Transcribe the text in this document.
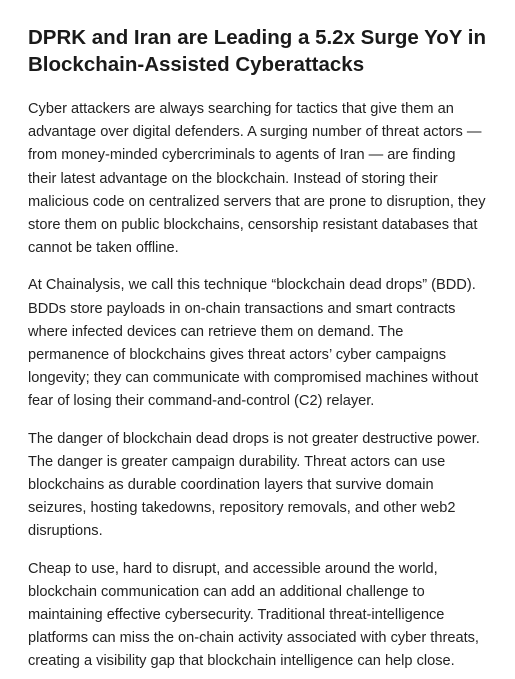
DPRK and Iran are Leading a 5.2x Surge YoY in Blockchain-Assisted Cyberattacks

Cyber attackers are always searching for tactics that give them an advantage over digital defenders. A surging number of threat actors — from money-minded cybercriminals to agents of Iran — are finding their latest advantage on the blockchain. Instead of storing their malicious code on centralized servers that are prone to disruption, they store them on public blockchains, censorship resistant databases that cannot be taken offline.

At Chainalysis, we call this technique “blockchain dead drops” (BDD). BDDs store payloads in on-chain transactions and smart contracts where infected devices can retrieve them on demand. The permanence of blockchains gives threat actors’ cyber campaigns longevity; they can communicate with compromised machines without fear of losing their command-and-control (C2) relayer.

The danger of blockchain dead drops is not greater destructive power. The danger is greater campaign durability. Threat actors can use blockchains as durable coordination layers that survive domain seizures, hosting takedowns, repository removals, and other web2 disruptions.

Cheap to use, hard to disrupt, and accessible around the world, blockchain communication can add an additional challenge to maintaining effective cybersecurity. Traditional threat-intelligence platforms can miss the on-chain activity associated with cyber threats, creating a visibility gap that blockchain intelligence can help close.
